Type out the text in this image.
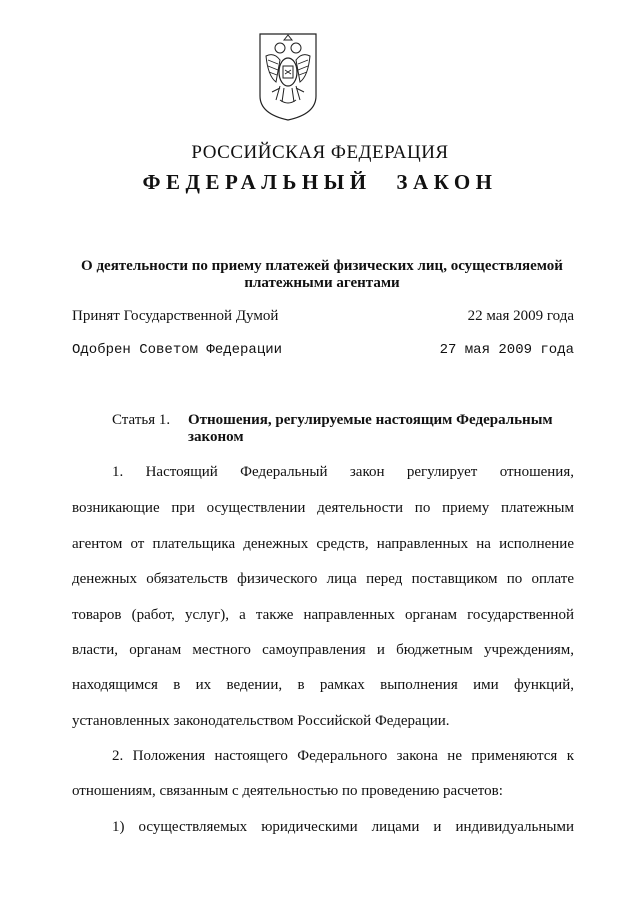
РОССИЙСКАЯ ФЕДЕРАЦИЯ
ФЕДЕРАЛЬНЫЙ ЗАКОН
О деятельности по приему платежей физических лиц, осуществляемой
платежными агентами
Принят Государственной Думой	22 мая 2009 года
Одобрен Советом Федерации	27 мая 2009 года
Статья 1.	Отношения, регулируемые настоящим Федеральным
законом
1. Настоящий Федеральный закон регулирует отношения,
возникающие при осуществлении деятельности по приему платежным
агентом от плательщика денежных средств, направленных на исполнение
денежных обязательств физического лица перед поставщиком по оплате
товаров (работ, услуг), а также направленных органам государственной
власти, органам местного самоуправления и бюджетным учреждениям,
находящимся в их ведении, в рамках выполнения ими функций,
установленных законодательством Российской Федерации.
2. Положения настоящего Федерального закона не применяются к
отношениям, связанным с деятельностью по проведению расчетов:
1) осуществляемых юридическими лицами и индивидуальными
